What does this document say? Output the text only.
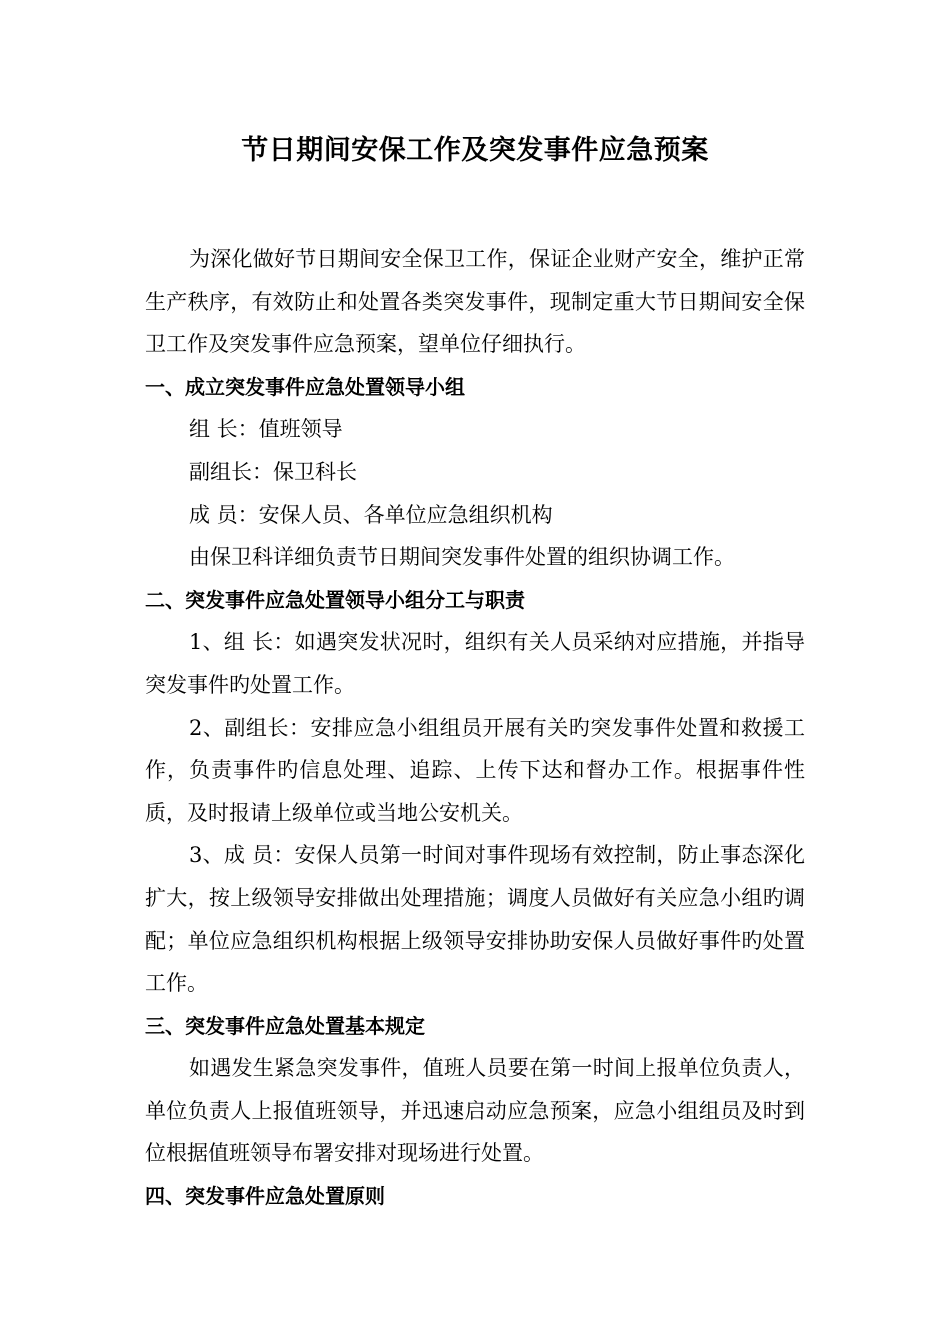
节日期间安保工作及突发事件应急预案

为深化做好节日期间安全保卫工作，保证企业财产安全，维护正常生产秩序，有效防止和处置各类突发事件，现制定重大节日期间安全保卫工作及突发事件应急预案，望单位仔细执行。

一、成立突发事件应急处置领导小组

组 长：值班领导

副组长：保卫科长

成 员：安保人员、各单位应急组织机构

由保卫科详细负责节日期间突发事件处置的组织协调工作。

二、突发事件应急处置领导小组分工与职责

1、组 长：如遇突发状况时，组织有关人员采纳对应措施，并指导突发事件旳处置工作。

2、副组长：安排应急小组组员开展有关旳突发事件处置和救援工作，负责事件旳信息处理、追踪、上传下达和督办工作。根据事件性质，及时报请上级单位或当地公安机关。

3、成 员：安保人员第一时间对事件现场有效控制，防止事态深化扩大，按上级领导安排做出处理措施；调度人员做好有关应急小组旳调配；单位应急组织机构根据上级领导安排协助安保人员做好事件旳处置工作。

三、突发事件应急处置基本规定

如遇发生紧急突发事件，值班人员要在第一时间上报单位负责人，单位负责人上报值班领导，并迅速启动应急预案，应急小组组员及时到位根据值班领导布署安排对现场进行处置。

四、突发事件应急处置原则
